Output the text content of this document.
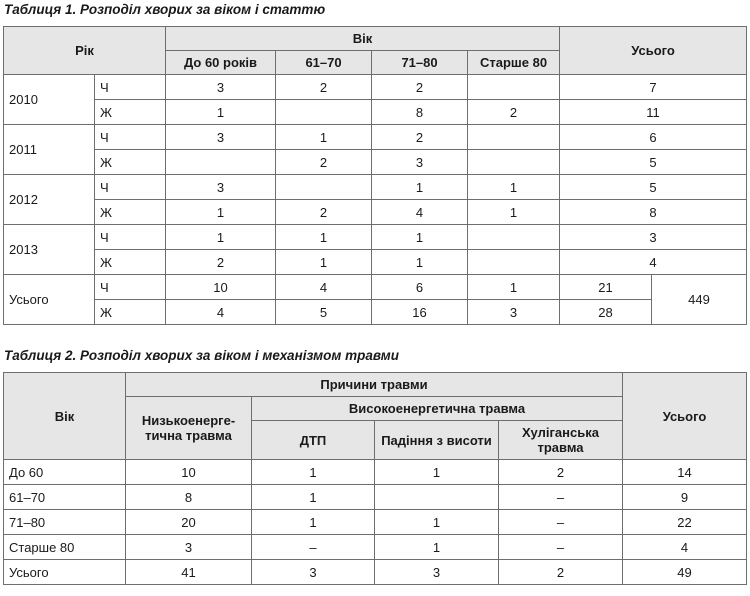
Таблиця 1. Розподіл хворих за віком і статтю
Рік		Вік				Усього	
		До 60 років	61–70	71–80	Старше 80		
2010	Ч	3	2	2		7	
	Ж	1		8	2	11	
2011	Ч	3	1	2		6	
	Ж		2	3		5	
2012	Ч	3		1	1	5	
	Ж	1	2	4	1	8	
2013	Ч	1	1	1		3	
	Ж	2	1	1		4	
Усього	Ч	10	4	6	1	21	449
	Ж	4	5	16	3	28	
Таблиця 2. Розподіл хворих за віком і механізмом травми
Вік	Причини травми				Усього
	Низькоенергетична травма	Високоенергетична травма			
		ДТП	Падіння з висоти	Хуліганська травма	
До 60	10	1	1	2	14
61–70	8	1		–	9
71–80	20	1	1	–	22
Старше 80	3	–	1	–	4
Усього	41	3	3	2	49
